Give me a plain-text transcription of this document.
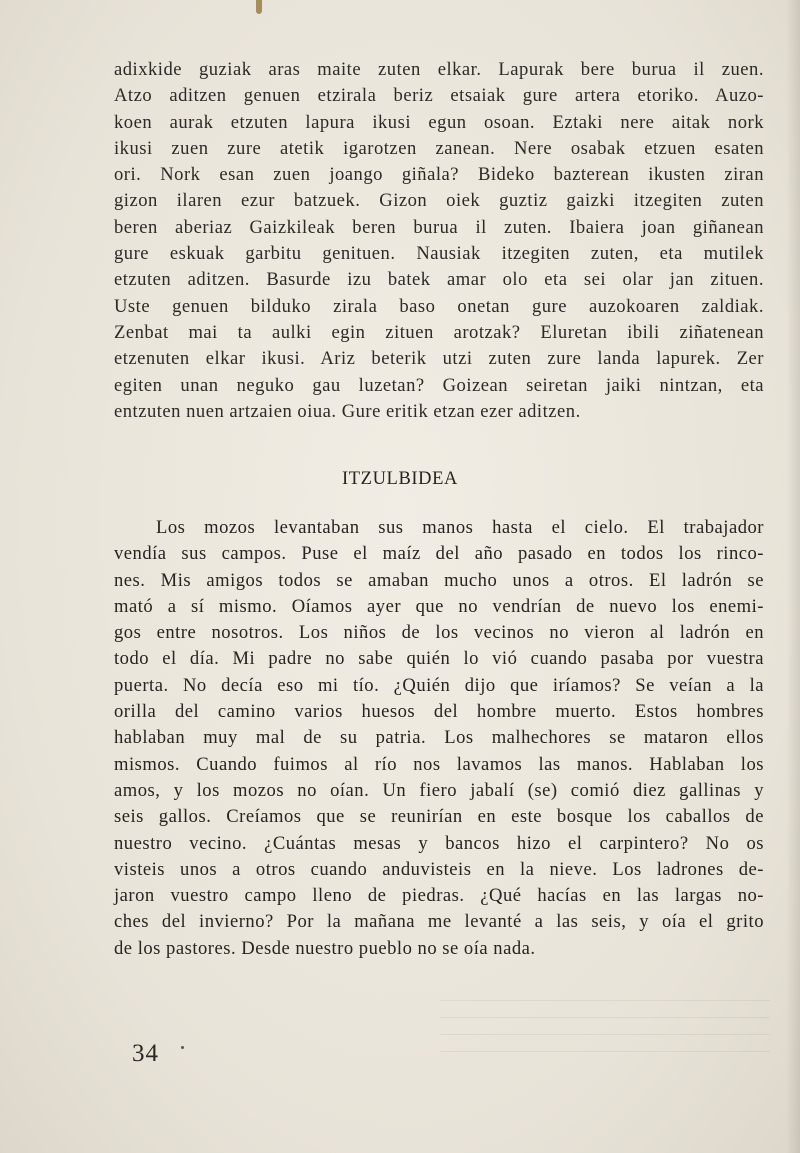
adixkide guziak aras maite zuten elkar. Lapurak bere burua il zuen.
Atzo aditzen genuen etzirala beriz etsaiak gure artera etoriko. Auzo-
koen aurak etzuten lapura ikusi egun osoan. Eztaki nere aitak nork
ikusi zuen zure atetik igarotzen zanean. Nere osabak etzuen esaten
ori. Nork esan zuen joango giñala? Bideko bazterean ikusten ziran
gizon ilaren ezur batzuek. Gizon oiek guztiz gaizki itzegiten zuten
beren aberiaz Gaizkileak beren burua il zuten. Ibaiera joan giñanean
gure eskuak garbitu genituen. Nausiak itzegiten zuten, eta mutilek
etzuten aditzen. Basurde izu batek amar olo eta sei olar jan zituen.
Uste genuen bilduko zirala baso onetan gure auzokoaren zaldiak.
Zenbat mai ta aulki egin zituen arotzak? Eluretan ibili ziñatenean
etzenuten elkar ikusi. Ariz beterik utzi zuten zure landa lapurek. Zer
egiten unan neguko gau luzetan? Goizean seiretan jaiki nintzan, eta
entzuten nuen artzaien oiua. Gure eritik etzan ezer aditzen.

ITZULBIDEA

Los mozos levantaban sus manos hasta el cielo. El trabajador
vendía sus campos. Puse el maíz del año pasado en todos los rinco-
nes. Mis amigos todos se amaban mucho unos a otros. El ladrón se
mató a sí mismo. Oíamos ayer que no vendrían de nuevo los enemi-
gos entre nosotros. Los niños de los vecinos no vieron al ladrón en
todo el día. Mi padre no sabe quién lo vió cuando pasaba por vuestra
puerta. No decía eso mi tío. ¿Quién dijo que iríamos? Se veían a la
orilla del camino varios huesos del hombre muerto. Estos hombres
hablaban muy mal de su patria. Los malhechores se mataron ellos
mismos. Cuando fuimos al río nos lavamos las manos. Hablaban los
amos, y los mozos no oían. Un fiero jabalí (se) comió diez gallinas y
seis gallos. Creíamos que se reunirían en este bosque los caballos de
nuestro vecino. ¿Cuántas mesas y bancos hizo el carpintero? No os
visteis unos a otros cuando anduvisteis en la nieve. Los ladrones de-
jaron vuestro campo lleno de piedras. ¿Qué hacías en las largas no-
ches del invierno? Por la mañana me levanté a las seis, y oía el grito
de los pastores. Desde nuestro pueblo no se oía nada.

34
